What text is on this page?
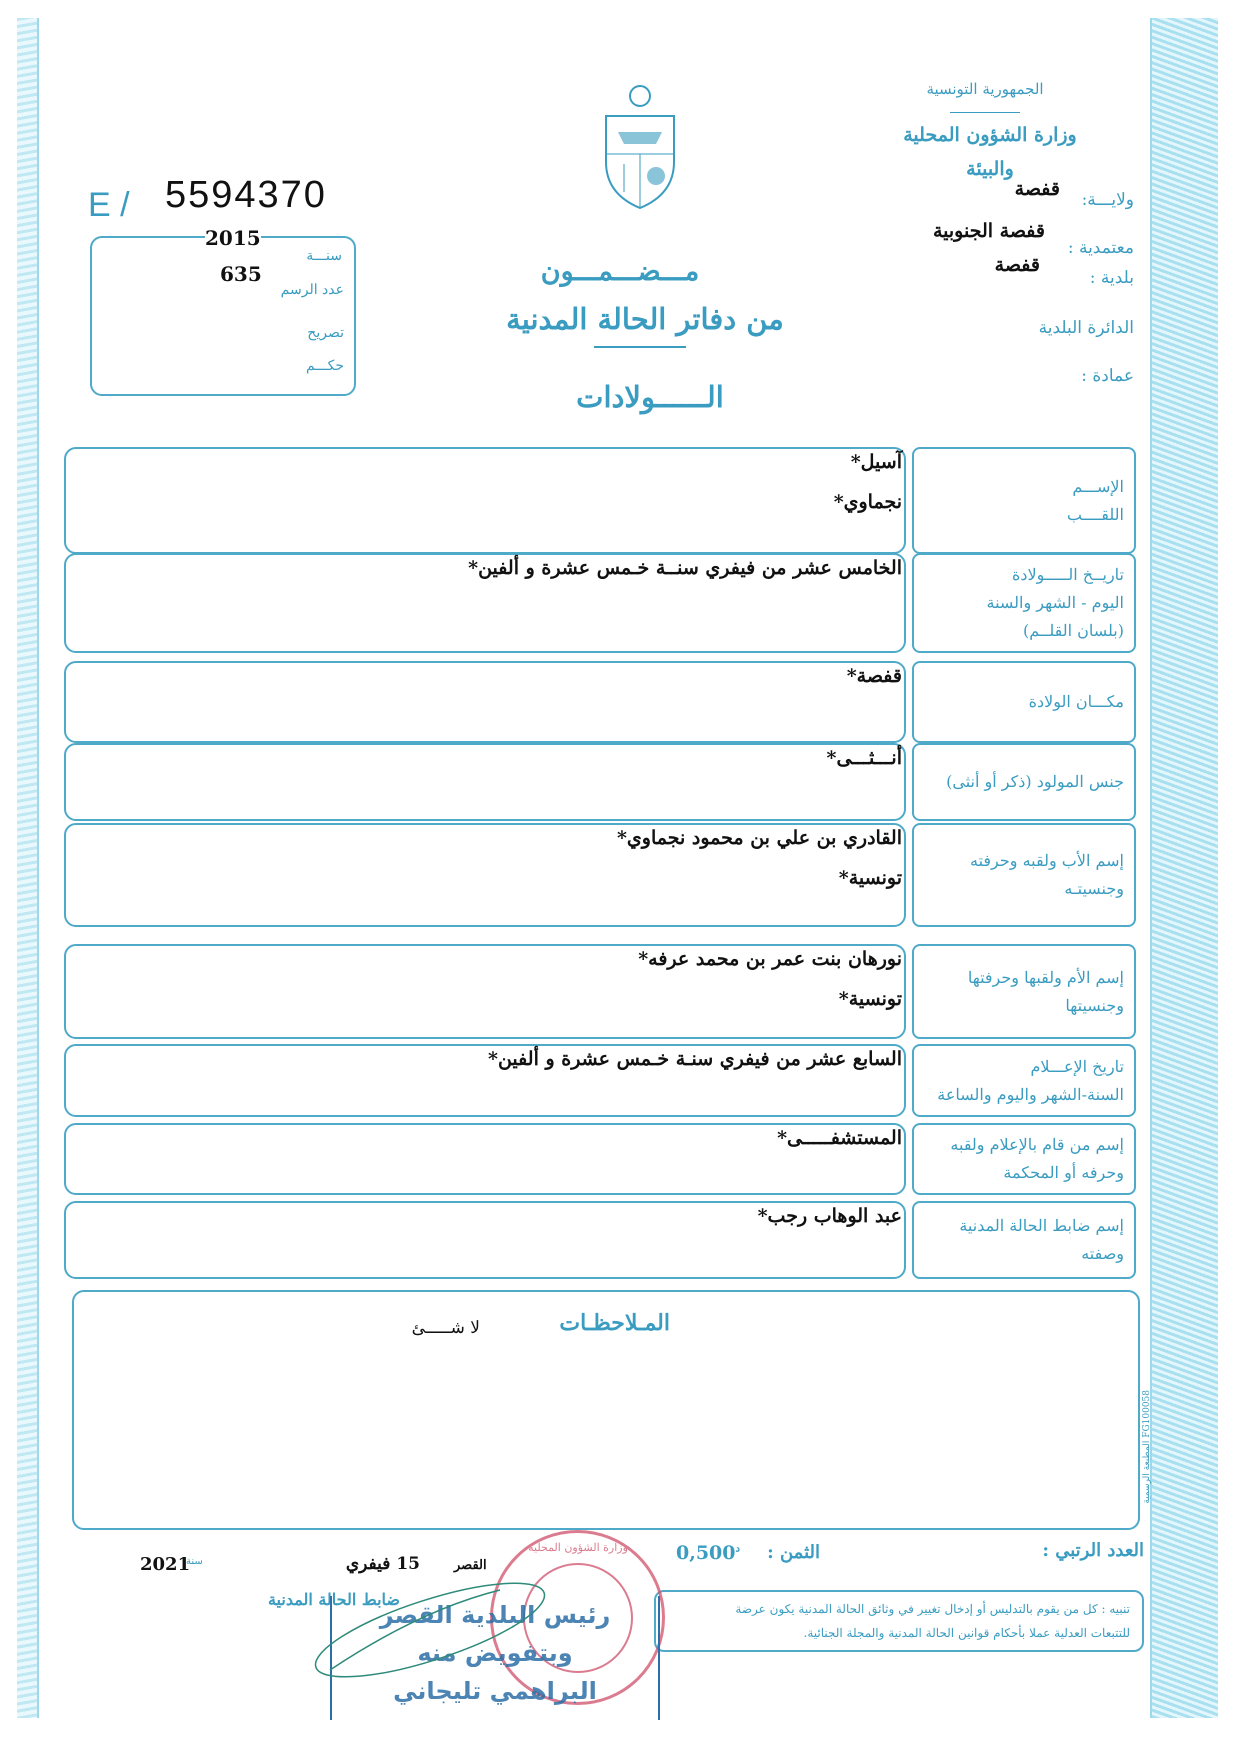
الجمهورية التونسية
وزارة الشؤون المحلية
والبيئة
ولايـــة:
قفصة
معتمدية :
قفصة الجنوبية
بلدية :
قفصة
الدائرة البلدية
عمادة :
E / 5594370
2015
سنـــة
635
عدد الرسم
تصريح
حكـــم
مـــضـــمـــون
من دفاتر الحالة المدنية
الــــــولادات
الإســـم
اللقــــب
آسيل*
نجماوي*
تاريــخ الـــــولادة
اليوم - الشهر والسنة
(بلسان القلــم)
الخامس عشر من فيفري سنــة خـمس عشرة و ألفين*
مكـــان الولادة
قفصة*
جنس المولود (ذكر أو أنثى)
أنـــثـــى*
إسم الأب ولقبه وحرفته
وجنسيتـه
القادري بن علي بن محمود نجماوي*
تونسية*
إسم الأم ولقبها وحرفتها
وجنسيتها
نورهان بنت عمر بن محمد عرفه*
تونسية*
تاريخ الإعـــلام
السنة-الشهر واليوم والساعة
السابع عشر من فيفري سنـة خـمس عشرة و ألفين*
إسم من قام بالإعلام ولقبه
وحرفه أو المحكمة
المستشفـــــى*
إسم ضابط الحالة المدنية
وصفته
عبد الوهاب رجب*
المـلاحظـات
لا شـــــئ
المطبعة الرسمية FG100058
العدد الرتبي :
الثمن :
$0,500^د$
القصر
15 فيفري
2021
سنة
ضابط الحالة المدنية	تنبيه : كل من يقوم بالتدليس أو إدخال تغيير في وثائق الحالة المدنية يكون عرضة
للتتبعات العدلية عملا بأحكام قوانين الحالة المدنية والمجلة الجنائية.
وزارة الشؤون المحلية
رئيس البلدية القصر
وبتفويض منه
البراهمي تليجاني
